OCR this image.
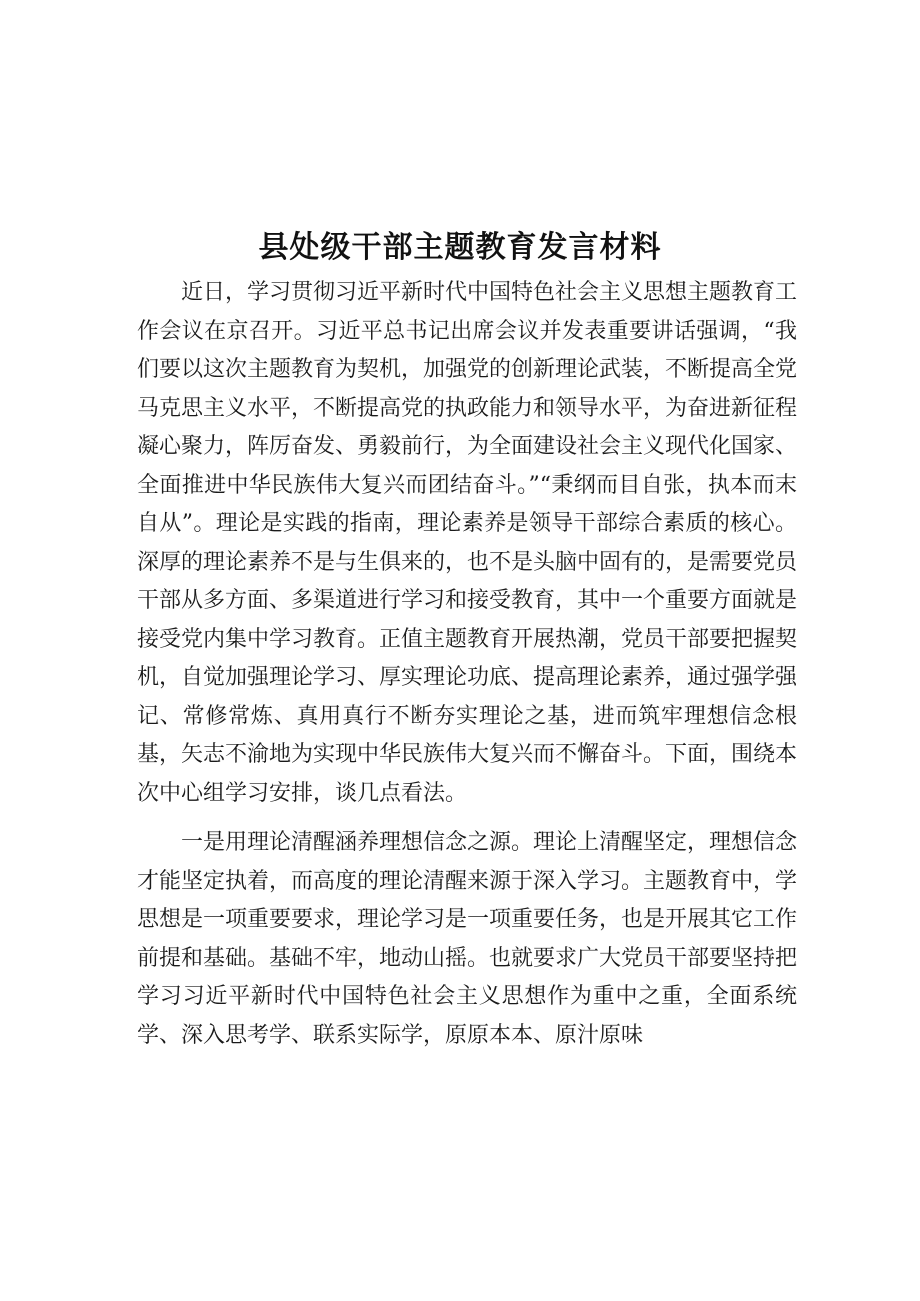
县处级干部主题教育发言材料

近日，学习贯彻习近平新时代中国特色社会主义思想主题教育工作会议在京召开。习近平总书记出席会议并发表重要讲话强调，“我们要以这次主题教育为契机，加强党的创新理论武装，不断提高全党马克思主义水平，不断提高党的执政能力和领导水平，为奋进新征程凝心聚力，阵厉奋发、勇毅前行，为全面建设社会主义现代化国家、全面推进中华民族伟大复兴而团结奋斗。”“秉纲而目自张，执本而末自从”。理论是实践的指南，理论素养是领导干部综合素质的核心。深厚的理论素养不是与生俱来的，也不是头脑中固有的，是需要党员干部从多方面、多渠道进行学习和接受教育，其中一个重要方面就是接受党内集中学习教育。正值主题教育开展热潮，党员干部要把握契机，自觉加强理论学习、厚实理论功底、提高理论素养，通过强学强记、常修常炼、真用真行不断夯实理论之基，进而筑牢理想信念根基，矢志不渝地为实现中华民族伟大复兴而不懈奋斗。下面，围绕本次中心组学习安排，谈几点看法。

一是用理论清醒涵养理想信念之源。理论上清醒坚定，理想信念才能坚定执着，而高度的理论清醒来源于深入学习。主题教育中，学思想是一项重要要求，理论学习是一项重要任务，也是开展其它工作前提和基础。基础不牢，地动山摇。也就要求广大党员干部要坚持把学习习近平新时代中国特色社会主义思想作为重中之重，全面系统学、深入思考学、联系实际学，原原本本、原汁原味
